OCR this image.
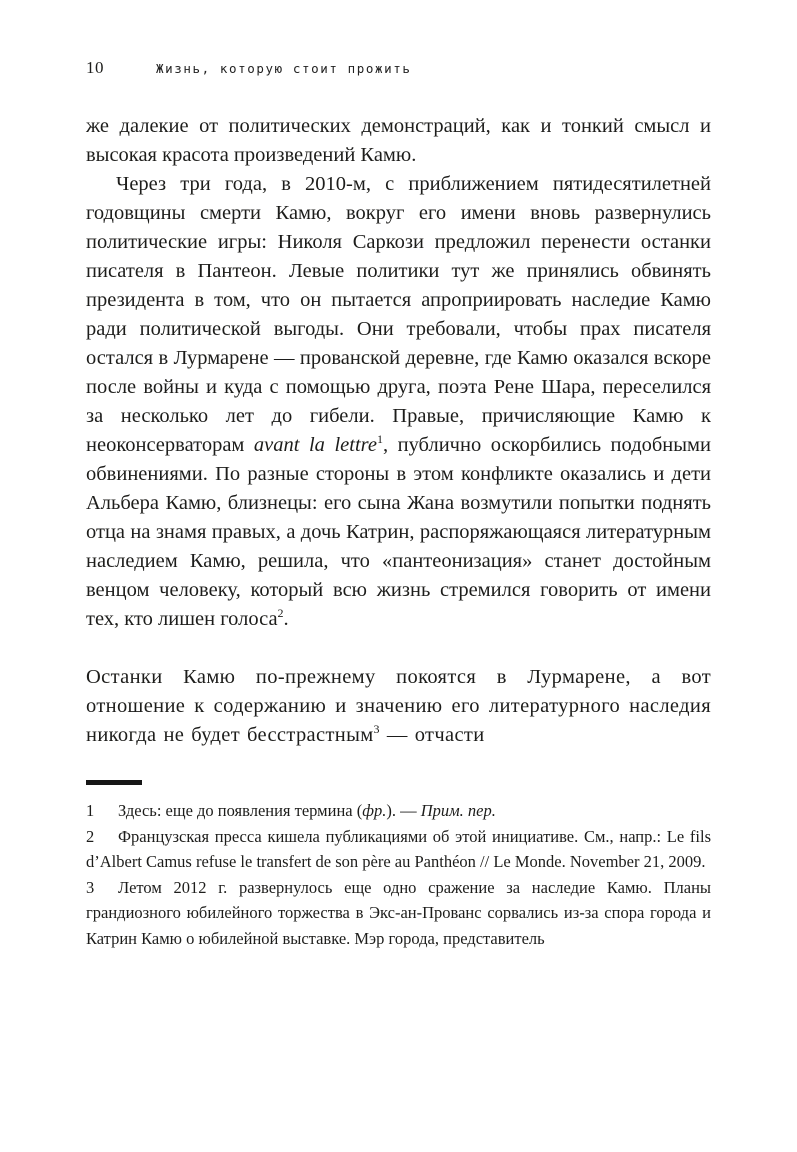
10	Жизнь, которую стоит прожить

же далекие от политических демонстраций, как и тонкий смысл и высокая красота произведений Камю.

Через три года, в 2010-м, с приближением пятидесятилетней годовщины смерти Камю, вокруг его имени вновь развернулись политические игры: Николя Саркози предложил перенести останки писателя в Пантеон. Левые политики тут же принялись обвинять президента в том, что он пытается апроприировать наследие Камю ради политической выгоды. Они требовали, чтобы прах писателя остался в Лурмарене — прованской деревне, где Камю оказался вскоре после войны и куда с помощью друга, поэта Рене Шара, переселился за несколько лет до гибели. Правые, причисляющие Камю к неоконсерваторам avant la lettre$^1$, публично оскорбились подобными обвинениями. По разные стороны в этом конфликте оказались и дети Альбера Камю, близнецы: его сына Жана возмутили попытки поднять отца на знамя правых, а дочь Катрин, распоряжающаяся литературным наследием Камю, решила, что «пантеонизация» станет достойным венцом человеку, который всю жизнь стремился говорить от имени тех, кто лишен голоса$^2$.

Останки Камю по-прежнему покоятся в Лурмарене, а вот отношение к содержанию и значению его литературного наследия никогда не будет бесстрастным$^3$ — отчасти

1 Здесь: еще до появления термина (фр.). — Прим. пер.

2 Французская пресса кишела публикациями об этой инициативе. См., напр.: Le fils d’Albert Camus refuse le transfert de son père au Panthéon // Le Monde. November 21, 2009.

3 Летом 2012 г. развернулось еще одно сражение за наследие Камю. Планы грандиозного юбилейного торжества в Экс-ан-Прованс сорвались из-за спора города и Катрин Камю о юбилейной выставке. Мэр города, представитель
